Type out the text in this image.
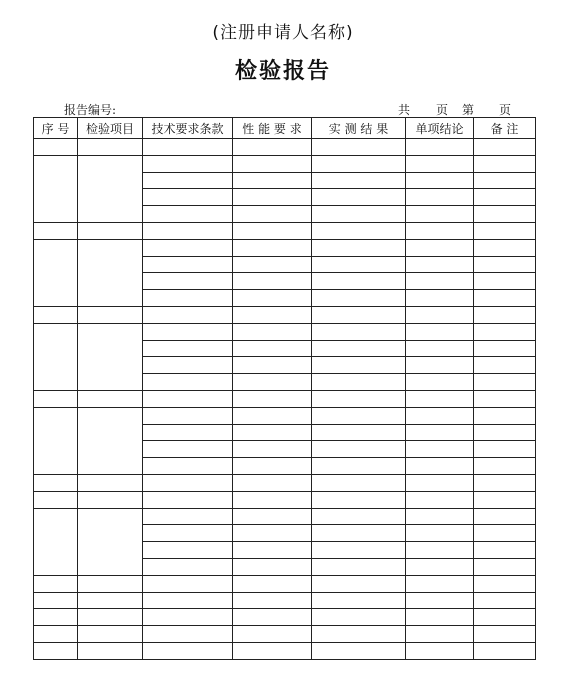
(注册申请人名称)
检验报告
报告编号:	共 页 第 页
序 号	检验项目	技术要求条款	性 能 要 求	实 测 结 果	单项结论	备 注
